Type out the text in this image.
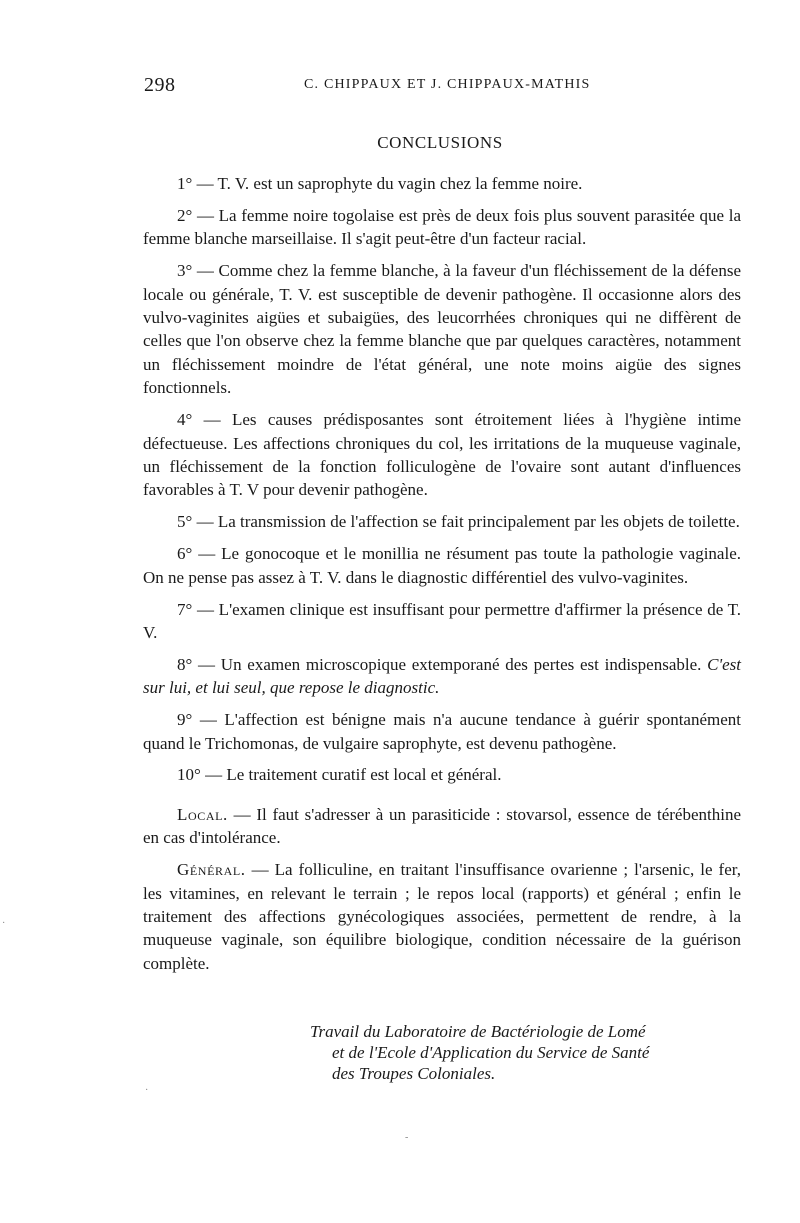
298	C. CHIPPAUX ET J. CHIPPAUX-MATHIS
CONCLUSIONS

1° — T. V. est un saprophyte du vagin chez la femme noire.

2° — La femme noire togolaise est près de deux fois plus souvent parasitée que la femme blanche marseillaise. Il s'agit peut-être d'un facteur racial.

3° — Comme chez la femme blanche, à la faveur d'un fléchissement de la défense locale ou générale, T. V. est susceptible de devenir pathogène. Il occasionne alors des vulvo-vaginites aigües et subaigües, des leucorrhées chroniques qui ne diffèrent de celles que l'on observe chez la femme blanche que par quelques caractères, notamment un fléchissement moindre de l'état général, une note moins aigüe des signes fonctionnels.

4° — Les causes prédisposantes sont étroitement liées à l'hygiène intime défectueuse. Les affections chroniques du col, les irritations de la muqueuse vaginale, un fléchissement de la fonction folliculogène de l'ovaire sont autant d'influences favorables à T. V pour devenir pathogène.

5° — La transmission de l'affection se fait principalement par les objets de toilette.

6° — Le gonocoque et le monillia ne résument pas toute la pathologie vaginale. On ne pense pas assez à T. V. dans le diagnostic différentiel des vulvo-vaginites.

7° — L'examen clinique est insuffisant pour permettre d'affirmer la présence de T. V.

8° — Un examen microscopique extemporané des pertes est indispensable. C'est sur lui, et lui seul, que repose le diagnostic.

9° — L'affection est bénigne mais n'a aucune tendance à guérir spontanément quand le Trichomonas, de vulgaire saprophyte, est devenu pathogène.

10° — Le traitement curatif est local et général.

Local. — Il faut s'adresser à un parasiticide : stovarsol, essence de térébenthine en cas d'intolérance.

Général. — La folliculine, en traitant l'insuffisance ovarienne ; l'arsenic, le fer, les vitamines, en relevant le terrain ; le repos local (rapports) et général ; enfin le traitement des affections gynécologiques associées, permettent de rendre, à la muqueuse vaginale, son équilibre biologique, condition nécessaire de la guérison complète.

Travail du Laboratoire de Bactériologie de Lomé
et de l'Ecole d'Application du Service de Santé
des Troupes Coloniales.
·
·
-
